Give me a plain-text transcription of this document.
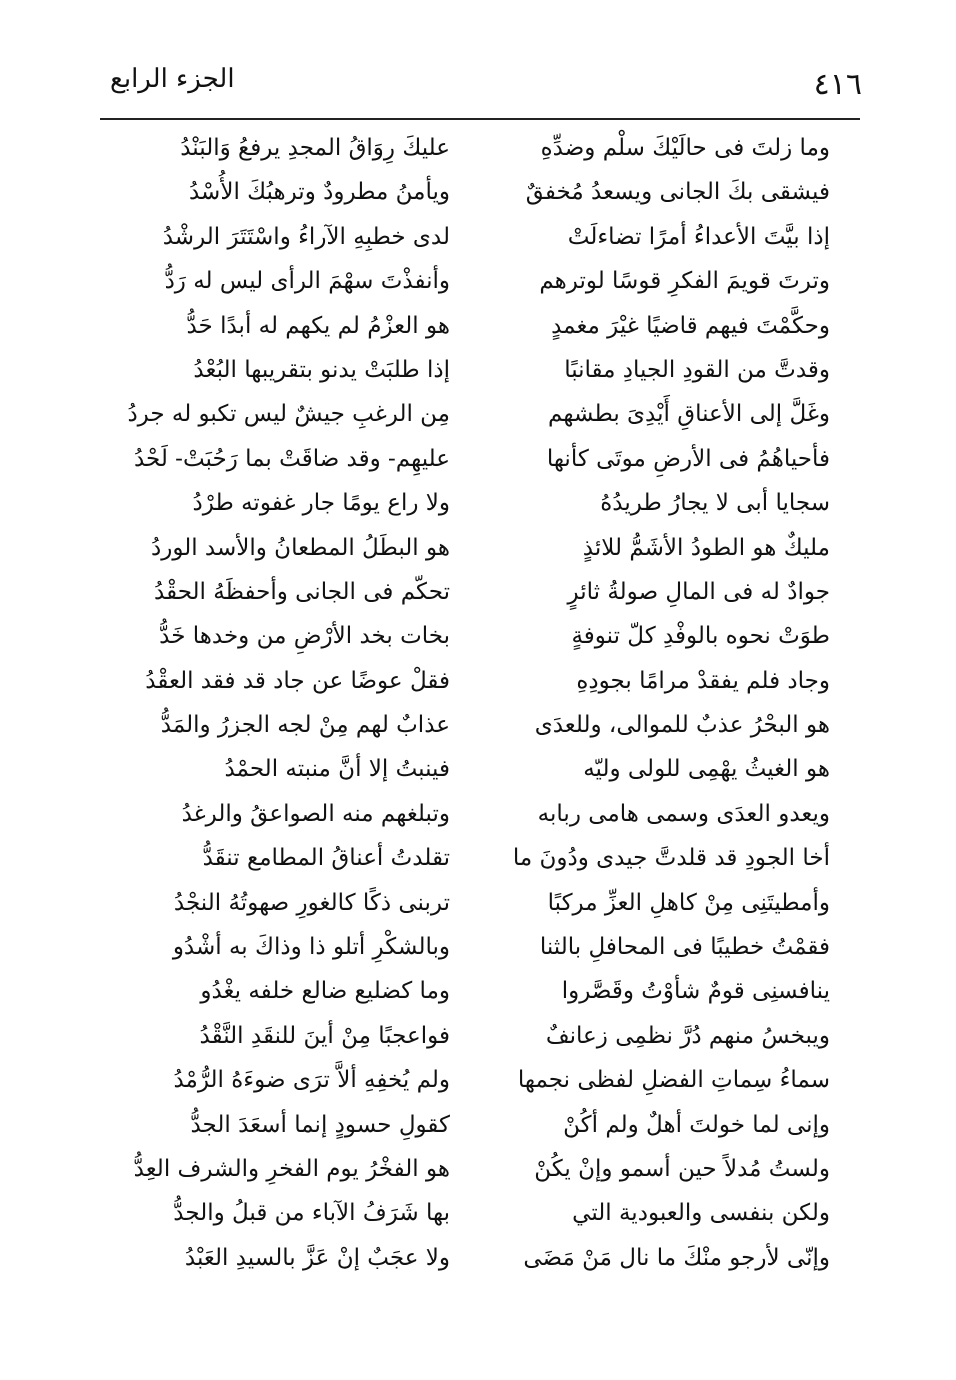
٤١٦
الجزء الرابع
وما زلتَ فى حالَيْكَ سلْم وضدِّهِ
فيشقى بكَ الجانى ويسعدُ مُخفقٌ
إذا بيَّتَ الأعداءُ أمرًا تضاءلَتْ
وترتَ قويمَ الفكرِ قوسًا لوترهم
وحكَّمْتَ فيهم قاضيًا غيْرَ مغمدٍ
وقدتَّ من القودِ الجيادِ مقانبًا
وغَلَّ إلى الأعناقِ أَيْدِىَ بطشهم
فأحياهُمُ فى الأرضِ موتَى كأنها
سجايا أبى لا يجارُ طريدُهُ
مليكٌ هو الطودُ الأشَمُّ للائذٍ
جوادٌ له فى المالِ صولةُ ثائرٍ
طوَتْ نحوه بالوفْدِ كلّ تنوفةٍ
وجاد فلم يفقدْ مرامًا بجودِهِ
هو البحْرُ عذبٌ للموالى، وللعدَى
هو الغيثُ يهْمِى للولى وليّه
ويعدو العدَى وسمى هامى ربابه
أخا الجودِ قد قلدتَّ جيدى ودُونَ ما
وأمطيتَنِى مِنْ كاهلِ العزِّ مركبًا
فقمْتُ خطيبًا فى المحافلِ بالثنا
ينافسنِى قومٌ شأوْتُ وقَصَّروا
ويبخسُ منهم دُرَّ نظمِى زعانفٌ
سماءُ سِماتِ الفضلِ لفظى نجمها
وإنى لما خولتَ أهلٌ ولم أكُنْ
ولستُ مُدلاً حين أسمو وإنْ يكُنْ
ولكن بنفسى والعبودية التي
وإنّى لأرجو منْكَ ما نال مَنْ مَضَى
عليكَ رِوَاقُ المجدِ يرفعُ وَالبَنْدُ
ويأمنُ مطرودٌ وترهبُكَ الأُسْدُ
لدى خطبِهِ الآراءُ واسْتَتَرَ الرشْدُ
وأنفذْتَ سهْمَ الرأى ليس له رَدُّ
هو العزْمُ لم يكهم له أبدًا حَدُّ
إذا طلبَتْ يدنو بتقريبها البُعْدُ
مِن الرغبِ جيشٌ ليس تكبو له جردُ
عليهِم- وقد ضاقَتْ بما رَحُبَتْ- لَحْدُ
ولا راع يومًا جار غفوته طرْدُ
هو البطَلُ المطعانُ والأسد الوردُ
تحكّم فى الجانى وأحفظَهُ الحقْدُ
بخات بخد الأرْضِ من وخدها خَدُّ
فقلْ عوضًا عن جاد قد فقد العقْدُ
عذابٌ لهم مِنْ لجه الجزرُ والمَدُّ
فينبتُ إلا أنَّ منبته الحمْدُ
وتبلغهم منه الصواعقُ والرغدُ
تقلدتُ أعناقُ المطامع تنقَدُّ
تربنى ذكًا كالغورِ صهوتُهُ النجْدُ
وبالشكْرِ أتلو ذا وذاكَ به أشْدُو
وما كضليع ضالع خلفه يغْدُو
فواعجبًا مِنْ أينَ للنقَدِ النَّقْدُ
ولم يُخفِهِ ألاَّ ترَى ضوءَهُ الرُّمْدُ
كقولِ حسودٍ إنما أسعَدَ الجدُّ
هو الفخْرُ يوم الفخرِ والشرف العِدُّ
بها شَرَفُ الآباء من قبلُ والجدُّ
ولا عجَبٌ إنْ عَزَّ بالسيدِ العَبْدُ
